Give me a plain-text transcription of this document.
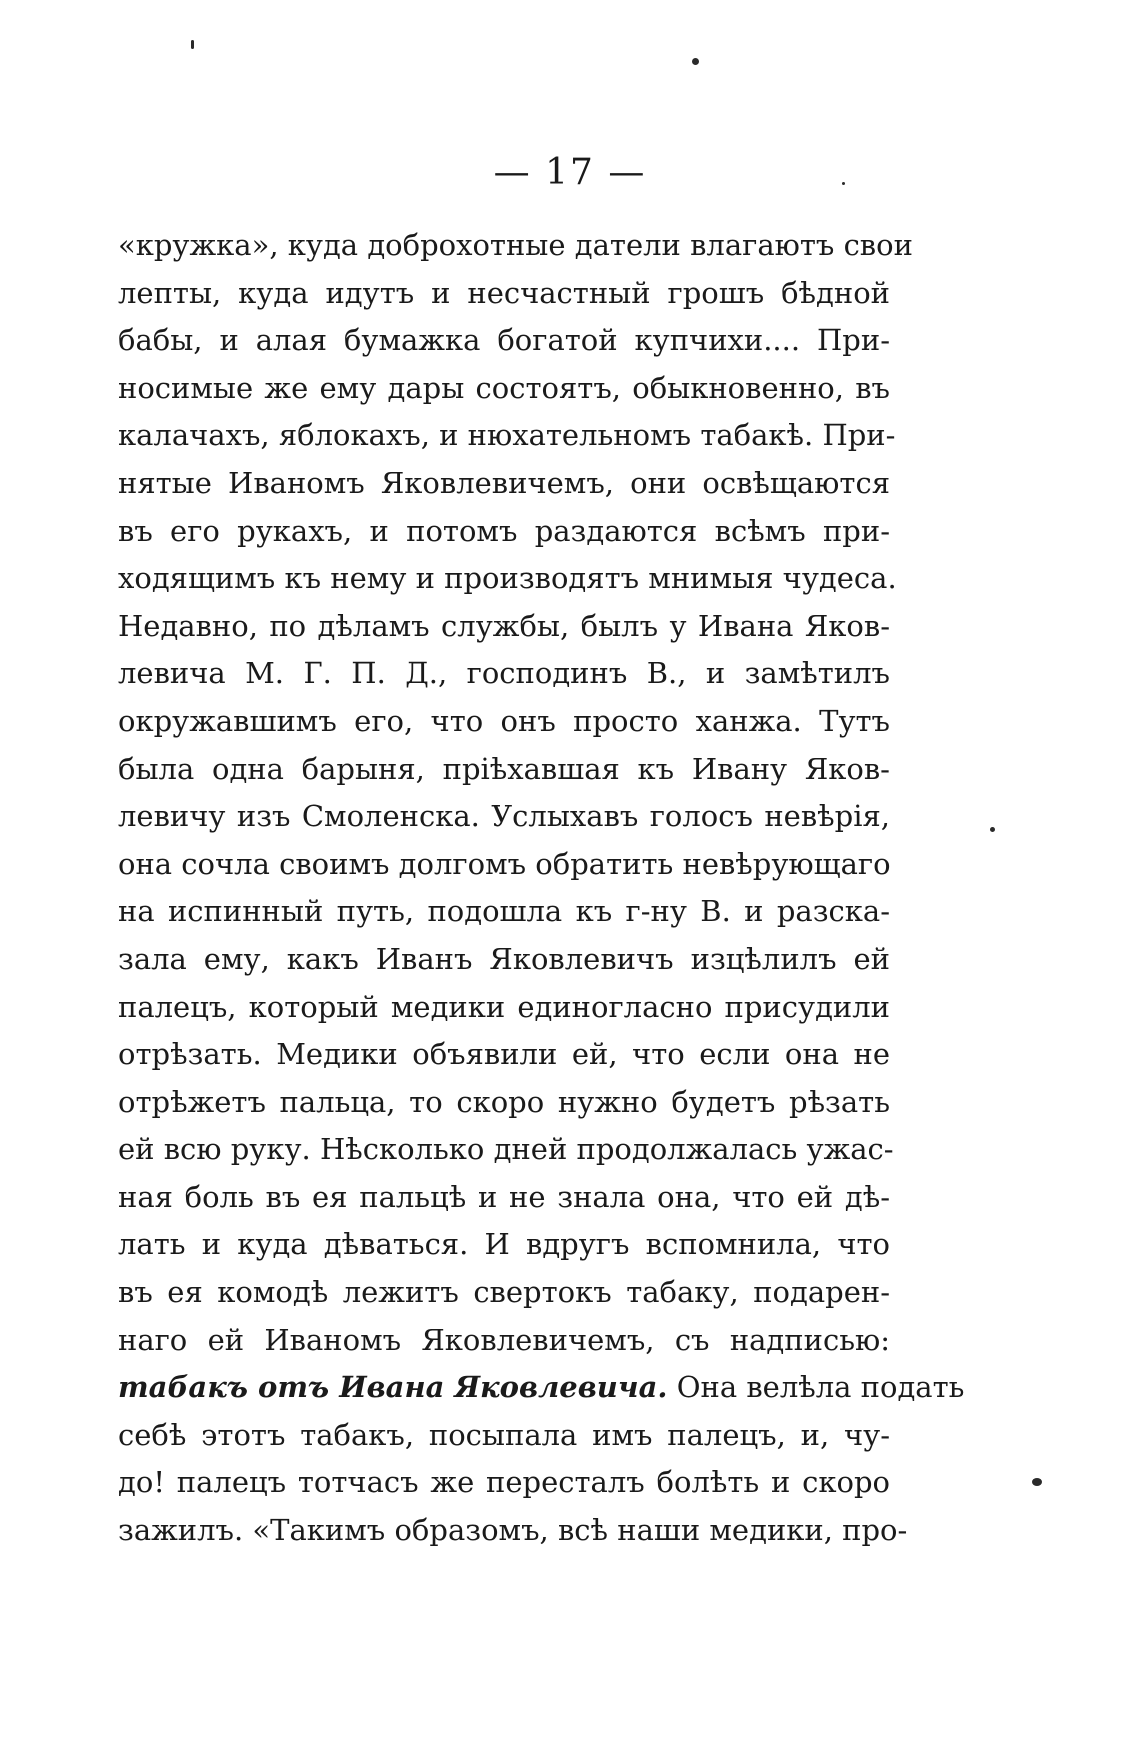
— 17 —
«кружка», куда доброхотные датели влагаютъ свои
лепты, куда идутъ и несчастный грошъ бѣдной
бабы, и алая бумажка богатой купчихи.... При-
носимые же ему дары состоятъ, обыкновенно, въ
калачахъ, яблокахъ, и нюхательномъ табакѣ. При-
нятые Иваномъ Яковлевичемъ, они освѣщаются
въ его рукахъ, и потомъ раздаются всѣмъ при-
ходящимъ къ нему и производятъ мнимыя чудеса.
Недавно, по дѣламъ службы, былъ у Ивана Яков-
левича М. Г. П. Д., господинъ В., и замѣтилъ
окружавшимъ его, что онъ просто ханжа. Тутъ
была одна барыня, пріѣхавшая къ Ивану Яков-
левичу изъ Смоленска. Услыхавъ голосъ невѣрія,
она сочла своимъ долгомъ обратить невѣрующаго
на испинный путь, подошла къ г-ну В. и разска-
зала ему, какъ Иванъ Яковлевичъ изцѣлилъ ей
палецъ, который медики единогласно присудили
отрѣзать. Медики объявили ей, что если она не
отрѣжетъ пальца, то скоро нужно будетъ рѣзать
ей всю руку. Нѣсколько дней продолжалась ужас-
ная боль въ ея пальцѣ и не знала она, что ей дѣ-
лать и куда дѣваться. И вдругъ вспомнила, что
въ ея комодѣ лежитъ свертокъ табаку, подарен-
наго ей Иваномъ Яковлевичемъ, съ надписью:
табакъ отъ Ивана Яковлевича. Она велѣла подать
себѣ этотъ табакъ, посыпала имъ палецъ, и, чу-
до! палецъ тотчасъ же пересталъ болѣть и скоро
зажилъ. «Такимъ образомъ, всѣ наши медики, про-
